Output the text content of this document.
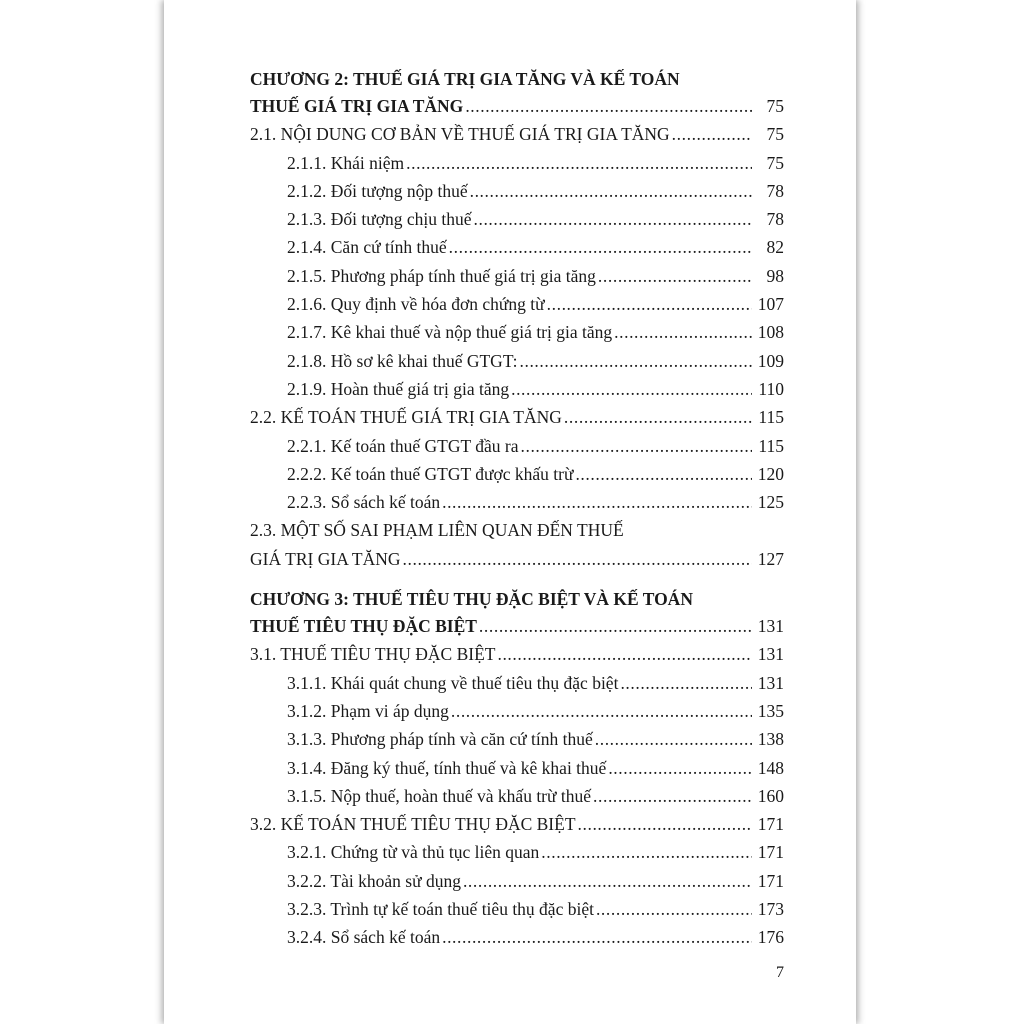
CHƯƠNG 2: THUẾ GIÁ TRỊ GIA TĂNG VÀ KẾ TOÁN
THUẾ GIÁ TRỊ GIA TĂNG .....	75
2.1. NỘI DUNG CƠ BẢN VỀ THUẾ GIÁ TRỊ GIA TĂNG .....	75
2.1.1. Khái niệm .....	75
2.1.2. Đối tượng nộp thuế .....	78
2.1.3. Đối tượng chịu thuế .....	78
2.1.4. Căn cứ tính thuế .....	82
2.1.5. Phương pháp tính thuế giá trị gia tăng .....	98
2.1.6. Quy định về hóa đơn chứng từ .....	107
2.1.7. Kê khai thuế và nộp thuế giá trị gia tăng .....	108
2.1.8. Hồ sơ kê khai thuế GTGT: .....	109
2.1.9. Hoàn thuế giá trị gia tăng .....	110
2.2. KẾ TOÁN THUẾ GIÁ TRỊ GIA TĂNG .....	115
2.2.1. Kế toán thuế GTGT đầu ra .....	115
2.2.2. Kế toán thuế GTGT được khấu trừ .....	120
2.2.3. Sổ sách kế toán .....	125
2.3. MỘT SỐ SAI PHẠM LIÊN QUAN ĐẾN THUẾ
GIÁ TRỊ GIA TĂNG .....	127
CHƯƠNG 3: THUẾ TIÊU THỤ ĐẶC BIỆT VÀ KẾ TOÁN
THUẾ TIÊU THỤ ĐẶC BIỆT .....	131
3.1. THUẾ TIÊU THỤ ĐẶC BIỆT .....	131
3.1.1. Khái quát chung về thuế tiêu thụ đặc biệt .....	131
3.1.2. Phạm vi áp dụng .....	135
3.1.3. Phương pháp tính và căn cứ tính thuế .....	138
3.1.4. Đăng ký thuế, tính thuế và kê khai thuế .....	148
3.1.5. Nộp thuế, hoàn thuế và khấu trừ thuế .....	160
3.2. KẾ TOÁN THUẾ TIÊU THỤ ĐẶC BIỆT .....	171
3.2.1. Chứng từ và thủ tục liên quan .....	171
3.2.2. Tài khoản sử dụng .....	171
3.2.3. Trình tự kế toán thuế tiêu thụ đặc biệt .....	173
3.2.4. Sổ sách kế toán .....	176
7
